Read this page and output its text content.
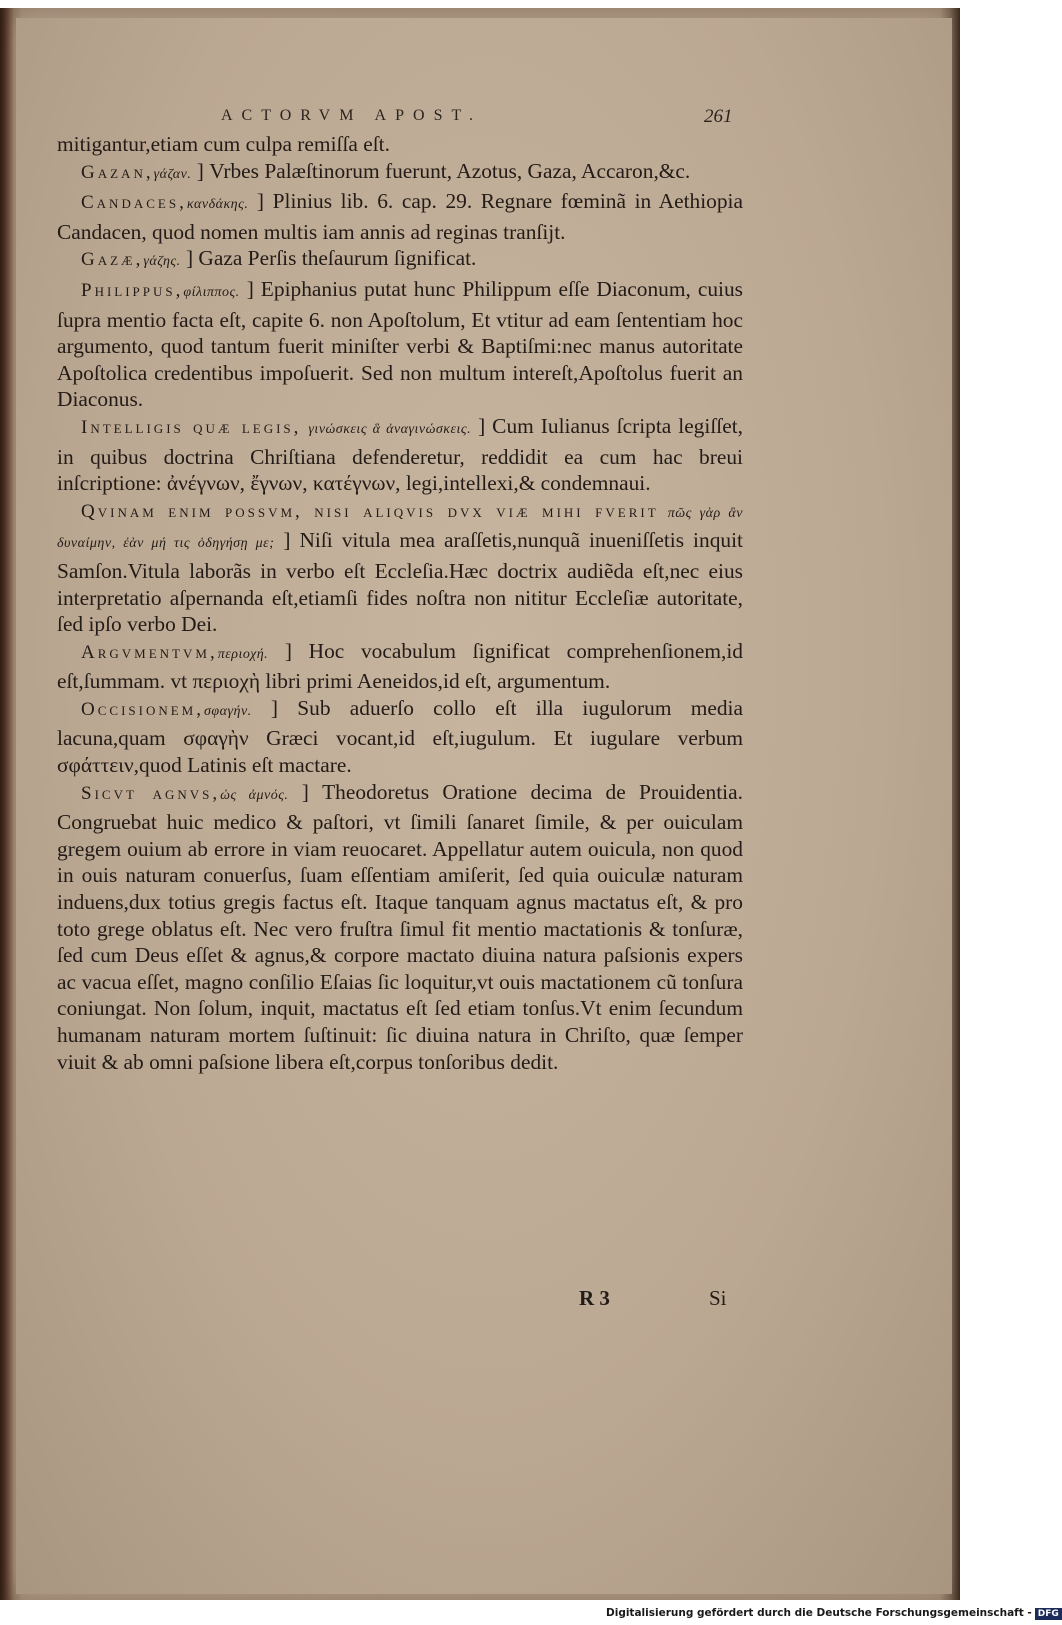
ACTORVM APOST.	261

mitigantur,etiam cum culpa remiſſa eſt.

Gazan,γάζαν. ] Vrbes Palæſtinorum fuerunt, Azotus, Gaza, Accaron,&c.

Candaces,κανδάκης. ] Plinius lib. 6. cap. 29. Regnare fœminã in Aethiopia Candacen, quod nomen multis iam annis ad reginas tranſijt.

Gazæ,γάζης. ] Gaza Perſis theſaurum ſignificat.

Philippus,φίλιππος. ] Epiphanius putat hunc Philippum eſſe Diaconum, cuius ſupra mentio facta eſt, capite 6. non Apoſtolum, Et vtitur ad eam ſententiam hoc argumento, quod tantum fuerit miniſter verbi & Baptiſmi:nec manus autoritate Apoſtolica credentibus impoſuerit. Sed non multum intereſt,Apoſtolus fuerit an Diaconus.

Intelligis quæ legis, γινώσκεις ἃ ἀναγινώσκεις. ] Cum Iulianus ſcripta legiſſet, in quibus doctrina Chriſtiana defenderetur, reddidit ea cum hac breui inſcriptione: ἀνέγνων, ἔγνων, κατέγνων, legi,intellexi,& condemnaui.

Qvinam enim possvm, nisi aliqvis dvx viæ mihi fverit πῶς γὰρ ἂν δυναίμην, ἐὰν μή τις ὁδηγήσῃ με; ] Niſi vitula mea araſſetis,nunquã inueniſſetis inquit Samſon.Vitula laborãs in verbo eſt Eccleſia.Hæc doctrix audiẽda eſt,nec eius interpretatio aſpernanda eſt,etiamſi fides noſtra non nititur Eccleſiæ autoritate, ſed ipſo verbo Dei.

Argvmentvm,περιοχή. ] Hoc vocabulum ſignificat comprehenſionem,id eſt,ſummam. vt περιοχὴ libri primi Aeneidos,id eſt, argumentum.

Occisionem,σφαγήν. ] Sub aduerſo collo eſt illa iugulorum media lacuna,quam σφαγὴν Græci vocant,id eſt,iugulum. Et iugulare verbum σφάττειν,quod Latinis eſt mactare.

Sicvt agnvs,ὡς ἀμνός. ] Theodoretus Oratione decima de Prouidentia. Congruebat huic medico & paſtori, vt ſimili ſanaret ſimile, & per ouiculam gregem ouium ab errore in viam reuocaret. Appellatur autem ouicula, non quod in ouis naturam conuerſus, ſuam eſſentiam amiſerit, ſed quia ouiculæ naturam induens,dux totius gregis factus eſt. Itaque tanquam agnus mactatus eſt, & pro toto grege oblatus eſt. Nec vero fruſtra ſimul fit mentio mactationis & tonſuræ, ſed cum Deus eſſet & agnus,& corpore mactato diuina natura paſsionis expers ac vacua eſſet, magno conſilio Eſaias ſic loquitur,vt ouis mactationem cũ tonſura coniungat. Non ſolum, inquit, mactatus eſt ſed etiam tonſus.Vt enim ſecundum humanam naturam mortem ſuſtinuit: ſic diuina natura in Chriſto, quæ ſemper viuit & ab omni paſsione libera eſt,corpus tonſoribus dedit.

R 3	Si
Digitalisierung gefördert durch die Deutsche Forschungsgemeinschaft - DFG
